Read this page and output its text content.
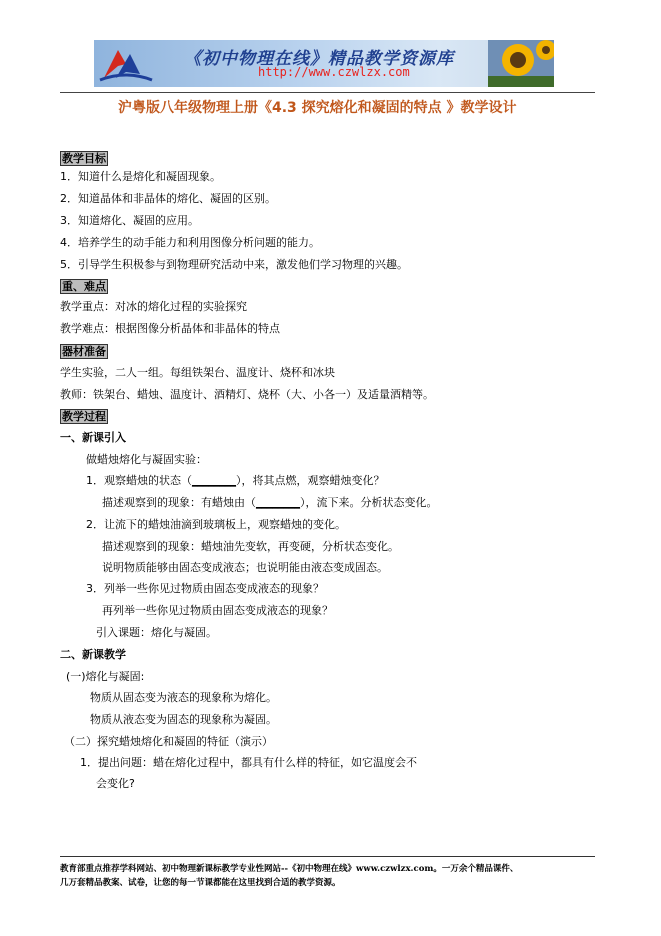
《初中物理在线》精品教学资源库
http://www.czwlzx.com
沪粤版八年级物理上册《4.3 探究熔化和凝固的特点 》教学设计
教学目标
1．知道什么是熔化和凝固现象。
2．知道晶体和非晶体的熔化、凝固的区别。
3．知道熔化、凝固的应用。
4．培养学生的动手能力和利用图像分析问题的能力。
5．引导学生积极参与到物理研究活动中来，激发他们学习物理的兴趣。
重、难点
教学重点：对冰的熔化过程的实验探究
教学难点：根据图像分析晶体和非晶体的特点
器材准备
学生实验，二人一组。每组铁架台、温度计、烧杯和冰块
教师：铁架台、蜡烛、温度计、酒精灯、烧杯（大、小各一）及适量酒精等。
教学过程
一、新课引入
做蜡烛熔化与凝固实验：
1．观察蜡烛的状态（________），将其点燃，观察蜡烛变化？
描述观察到的现象：有蜡烛由（________），流下来。分析状态变化。
2．让流下的蜡烛油滴到玻璃板上，观察蜡烛的变化。
描述观察到的现象：蜡烛油先变软，再变硬，分析状态变化。
说明物质能够由固态变成液态；也说明能由液态变成固态。
3．列举一些你见过物质由固态变成液态的现象？
再列举一些你见过物质由固态变成液态的现象？
引入课题：熔化与凝固。
二、新课教学
(一)熔化与凝固:
物质从固态变为液态的现象称为熔化。
物质从液态变为固态的现象称为凝固。
（二）探究蜡烛熔化和凝固的特征（演示）
1．提出问题：蜡在熔化过程中，都具有什么样的特征，如它温度会不
会变化?
教育部重点推荐学科网站、初中物理新课标教学专业性网站--《初中物理在线》www.czwlzx.com。一万余个精品课件、
几万套精品教案、试卷，让您的每一节课都能在这里找到合适的教学资源。
